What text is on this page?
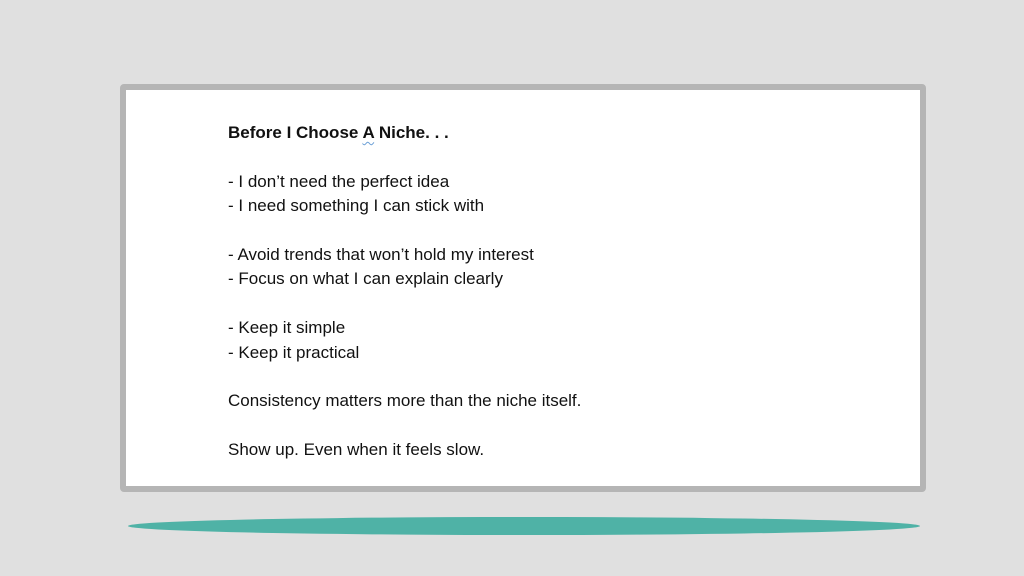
Before I Choose A Niche. . .

- I don’t need the perfect idea

- I need something I can stick with

- Avoid trends that won’t hold my interest

- Focus on what I can explain clearly

- Keep it simple

- Keep it practical

Consistency matters more than the niche itself.

Show up. Even when it feels slow.
